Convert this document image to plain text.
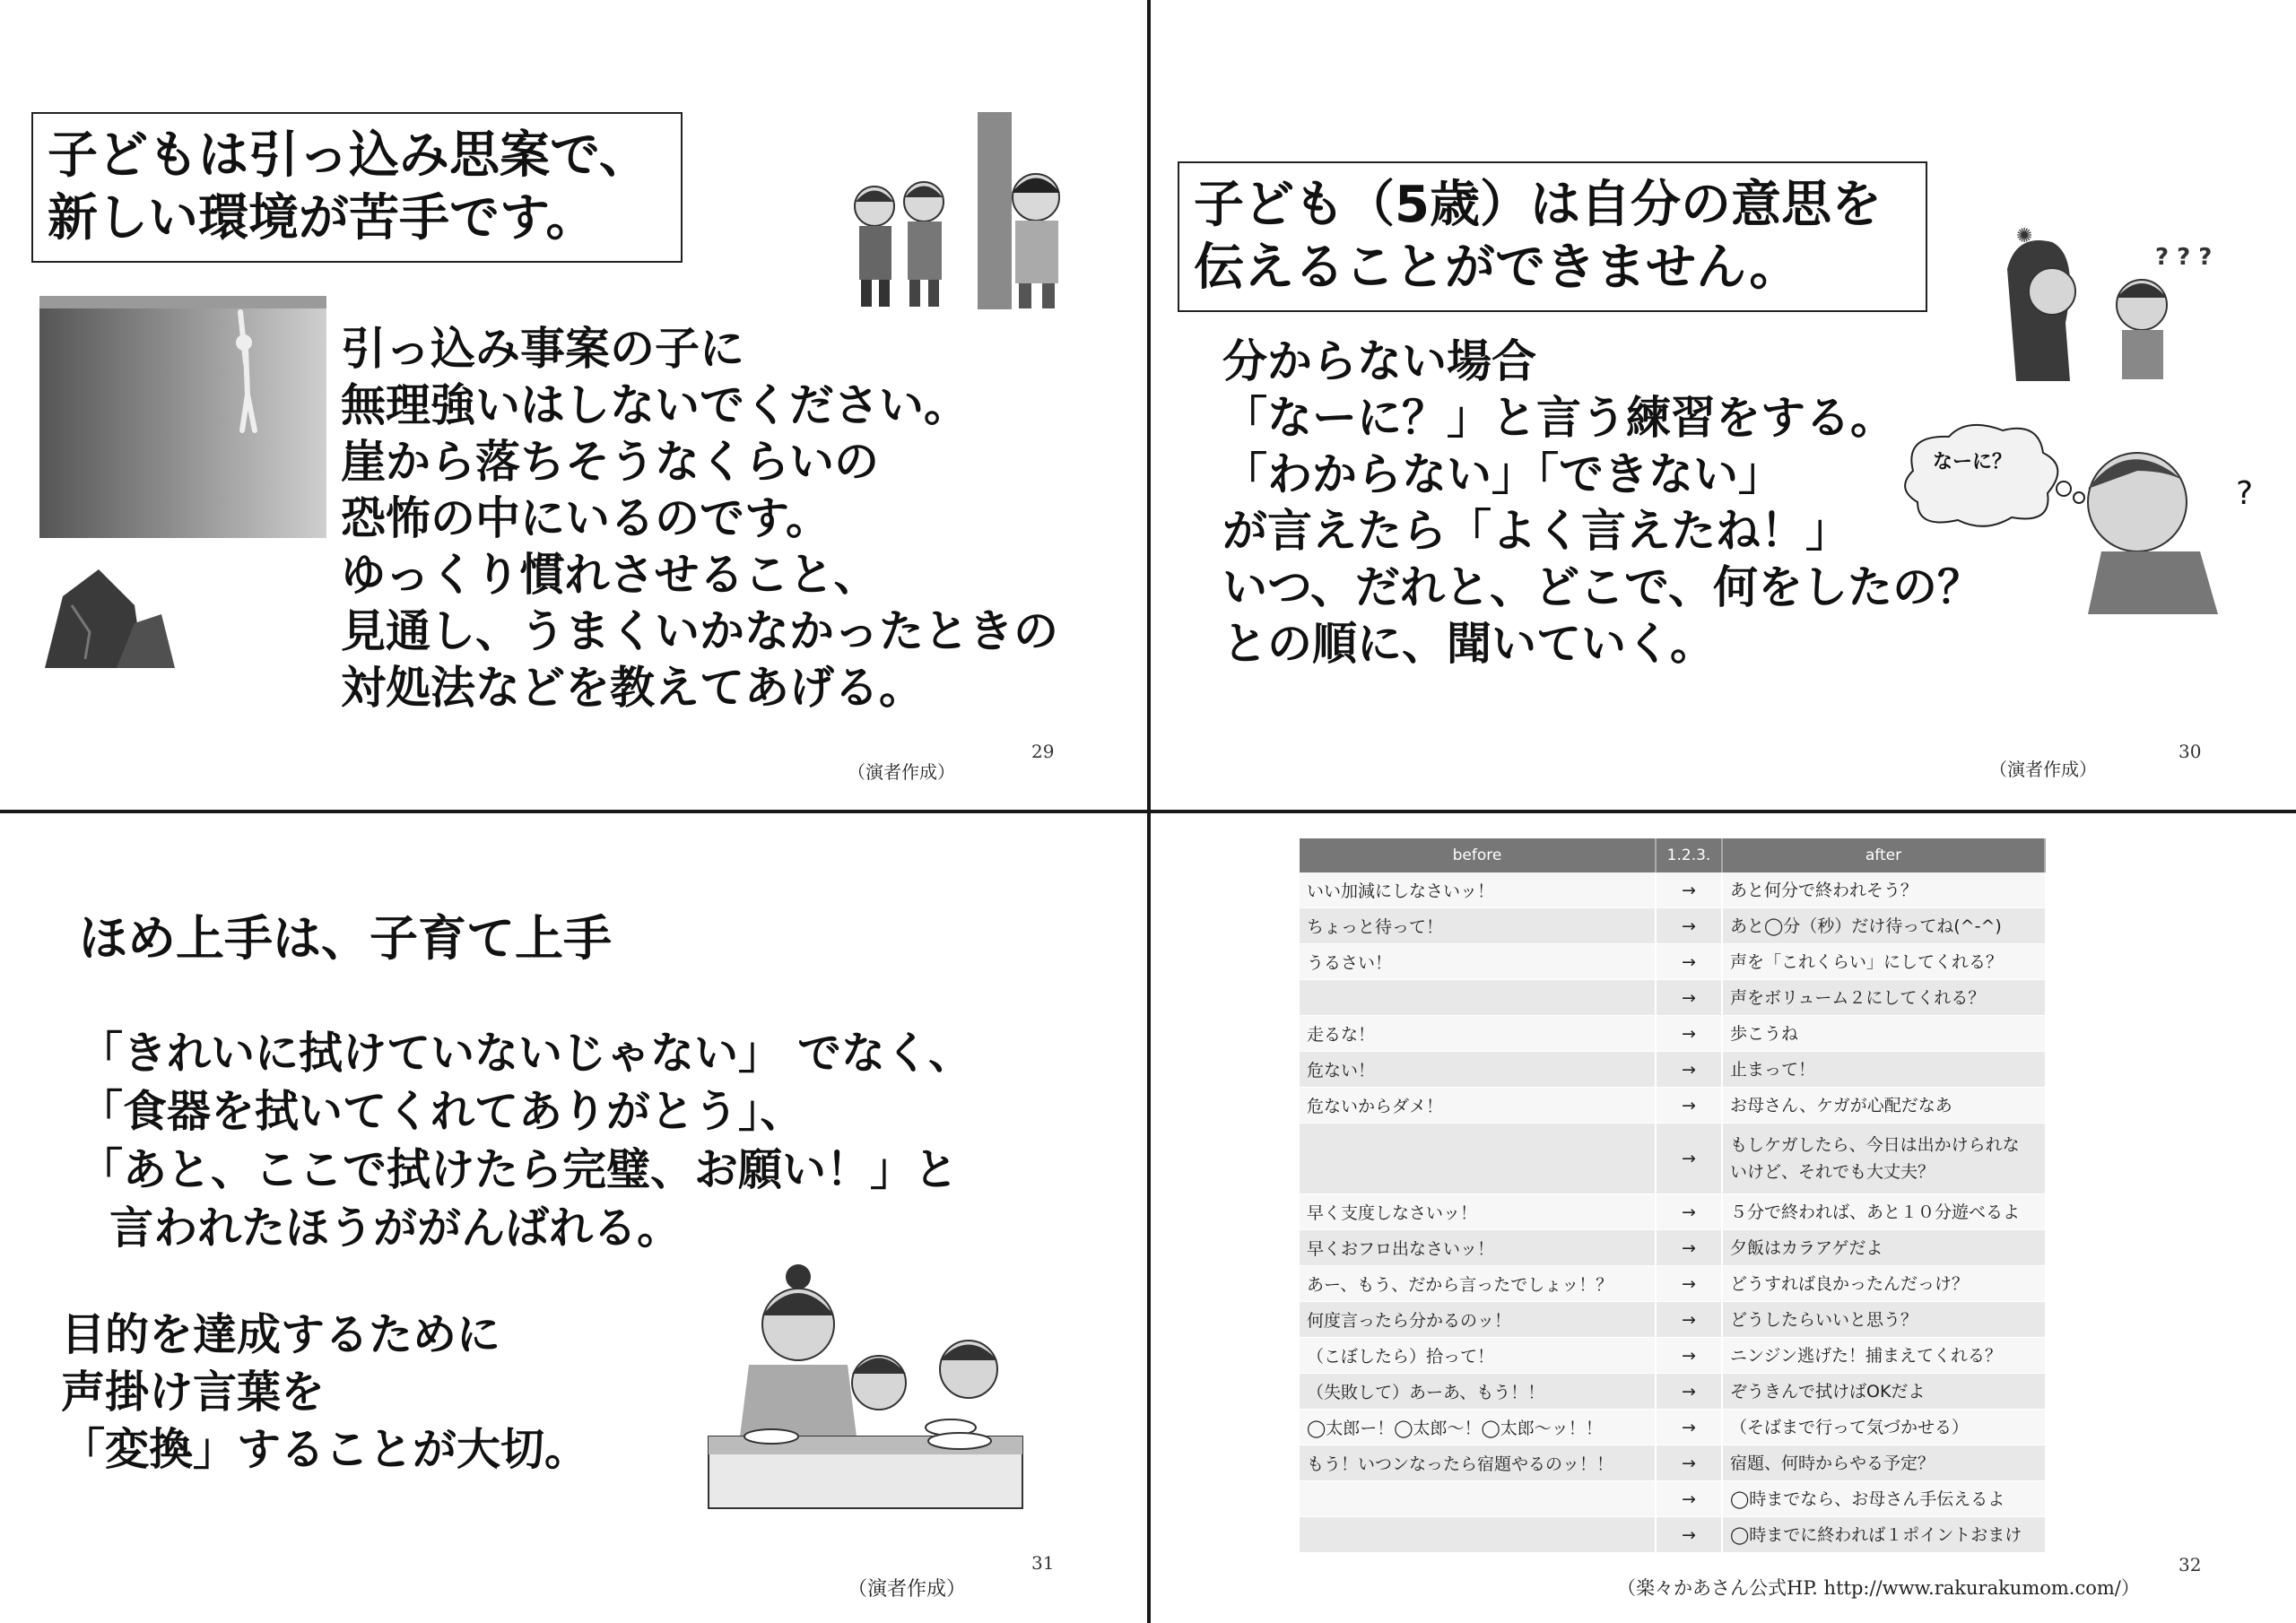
子どもは引っ込み思案で、
新しい環境が苦手です。
引っ込み事案の子に
無理強いはしないでください。
崖から落ちそうなくらいの
恐怖の中にいるのです。
ゆっくり慣れさせること、
見通し、うまくいかなかったときの
対処法などを教えてあげる。
（演者作成）
29
子ども（5歳）は自分の意思を
伝えることができません。	? ? ?
✺
なーに？
?
分からない場合
「なーに？」と言う練習をする。
「わからない」「できない」
が言えたら「よく言えたね！」
いつ、だれと、どこで、何をしたの？
との順に、聞いていく。
（演者作成）
30
ほめ上手は、子育て上手
「きれいに拭けていないじゃない」 でなく、
「食器を拭いてくれてありがとう」、
「あと、ここで拭けたら完璧、お願い！」と
言われたほうががんばれる。
目的を達成するために
声掛け言葉を
「変換」することが大切。
（演者作成）
31
before	1.2.3.	after
いい加減にしなさいッ！	→	あと何分で終われそう？
ちょっと待って！	→	あと◯分（秒）だけ待ってね(^-^)
うるさい！	→	声を「これくらい」にしてくれる？
	→	声をボリューム２にしてくれる？
走るな！	→	歩こうね
危ない！	→	止まって！
危ないからダメ！	→	お母さん、ケガが心配だなあ
	→	もしケガしたら、今日は出かけられな
いけど、それでも大丈夫？
早く支度しなさいッ！	→	５分で終われば、あと１０分遊べるよ
早くおフロ出なさいッ！	→	夕飯はカラアゲだよ
あー、もう、だから言ったでしょッ！？	→	どうすれば良かったんだっけ？
何度言ったら分かるのッ！	→	どうしたらいいと思う？
（こぼしたら）拾って！	→	ニンジン逃げた！捕まえてくれる？
（失敗して）あーあ、もう！！	→	ぞうきんで拭けばOKだよ
◯太郎ー！◯太郎〜！◯太郎〜ッ！！	→	（そばまで行って気づかせる）
もう！いつンなったら宿題やるのッ！！	→	宿題、何時からやる予定？
	→	◯時までなら、お母さん手伝えるよ
	→	◯時までに終われば１ポイントおまけ
（楽々かあさん公式HP. http://www.rakurakumom.com/）
32
